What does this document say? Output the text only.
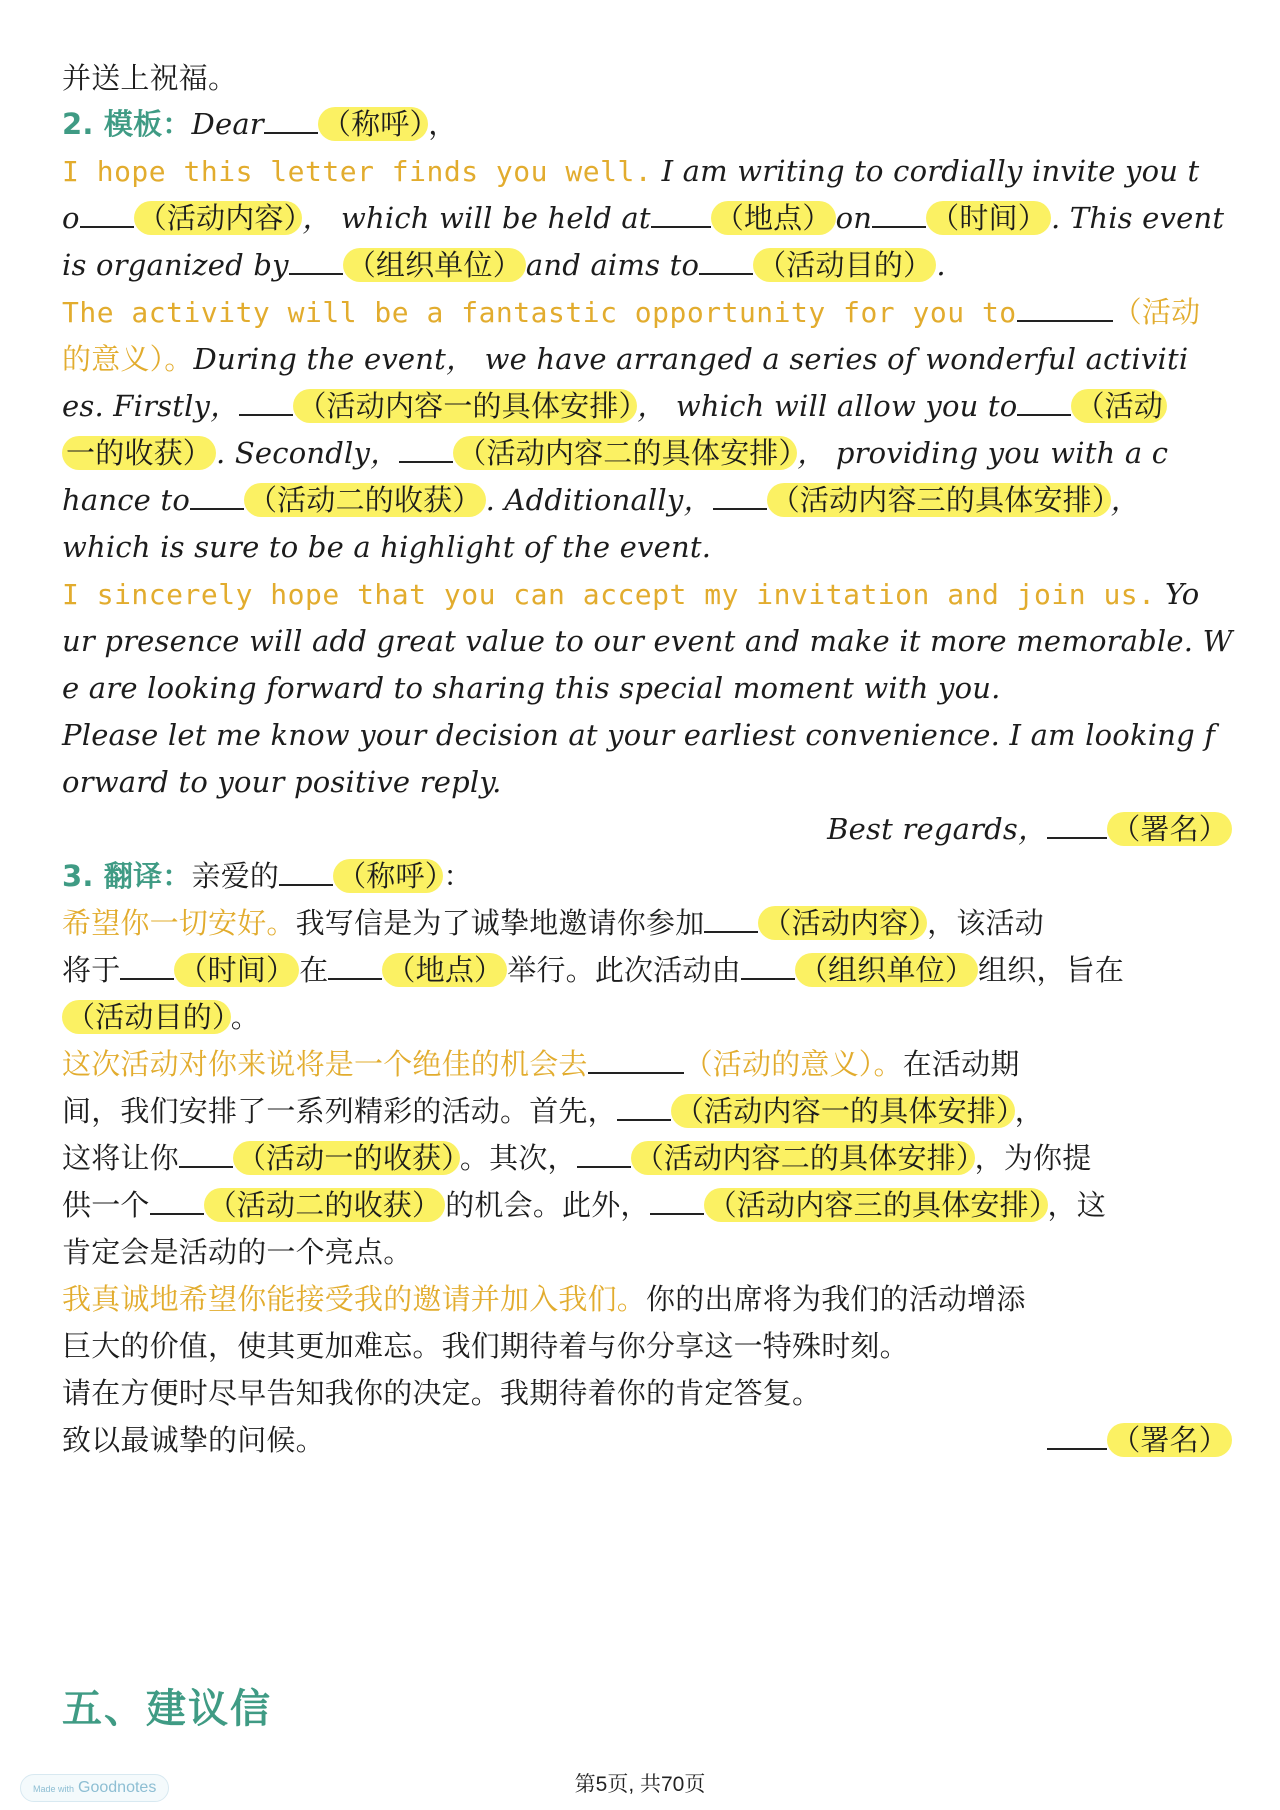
并送上祝福。
2. 模板：Dear （称呼） ，
I hope this letter finds you well. I am writing to cordially invite you t
o （活动内容） ， which will be held at （地点） on （时间） . This event
is organized by （组织单位） and aims to （活动目的） .
The activity will be a fantastic opportunity for you to	（活动
的意义）。During the event， we have arranged a series of wonderful activiti
es. Firstly， （活动内容一的具体安排） ， which will allow you to （活动
一的收获） . Secondly， （活动内容二的具体安排） ， providing you with a c
hance to （活动二的收获） . Additionally， （活动内容三的具体安排） ，
which is sure to be a highlight of the event.
I sincerely hope that you can accept my invitation and join us. Yo
ur presence will add great value to our event and make it more memorable. W
e are looking forward to sharing this special moment with you.
Please let me know your decision at your earliest convenience. I am looking f
orward to your positive reply.
Best regards， （署名）
3. 翻译：亲爱的 （称呼） ：
希望你一切安好。我写信是为了诚挚地邀请你参加 （活动内容） ，该活动
将于 （时间） 在 （地点） 举行。此次活动由 （组织单位） 组织，旨在
（活动目的） 。
这次活动对你来说将是一个绝佳的机会去	（活动的意义）。在活动期
间，我们安排了一系列精彩的活动。首先， （活动内容一的具体安排） ，
这将让你 （活动一的收获） 。其次， （活动内容二的具体安排） ，为你提
供一个 （活动二的收获） 的机会。此外， （活动内容三的具体安排） ，这
肯定会是活动的一个亮点。
我真诚地希望你能接受我的邀请并加入我们。你的出席将为我们的活动增添
巨大的价值，使其更加难忘。我们期待着与你分享这一特殊时刻。
请在方便时尽早告知我你的决定。我期待着你的肯定答复。
致以最诚挚的问候。	（署名）
五、建议信
Made with Goodnotes	第5页, 共70页
